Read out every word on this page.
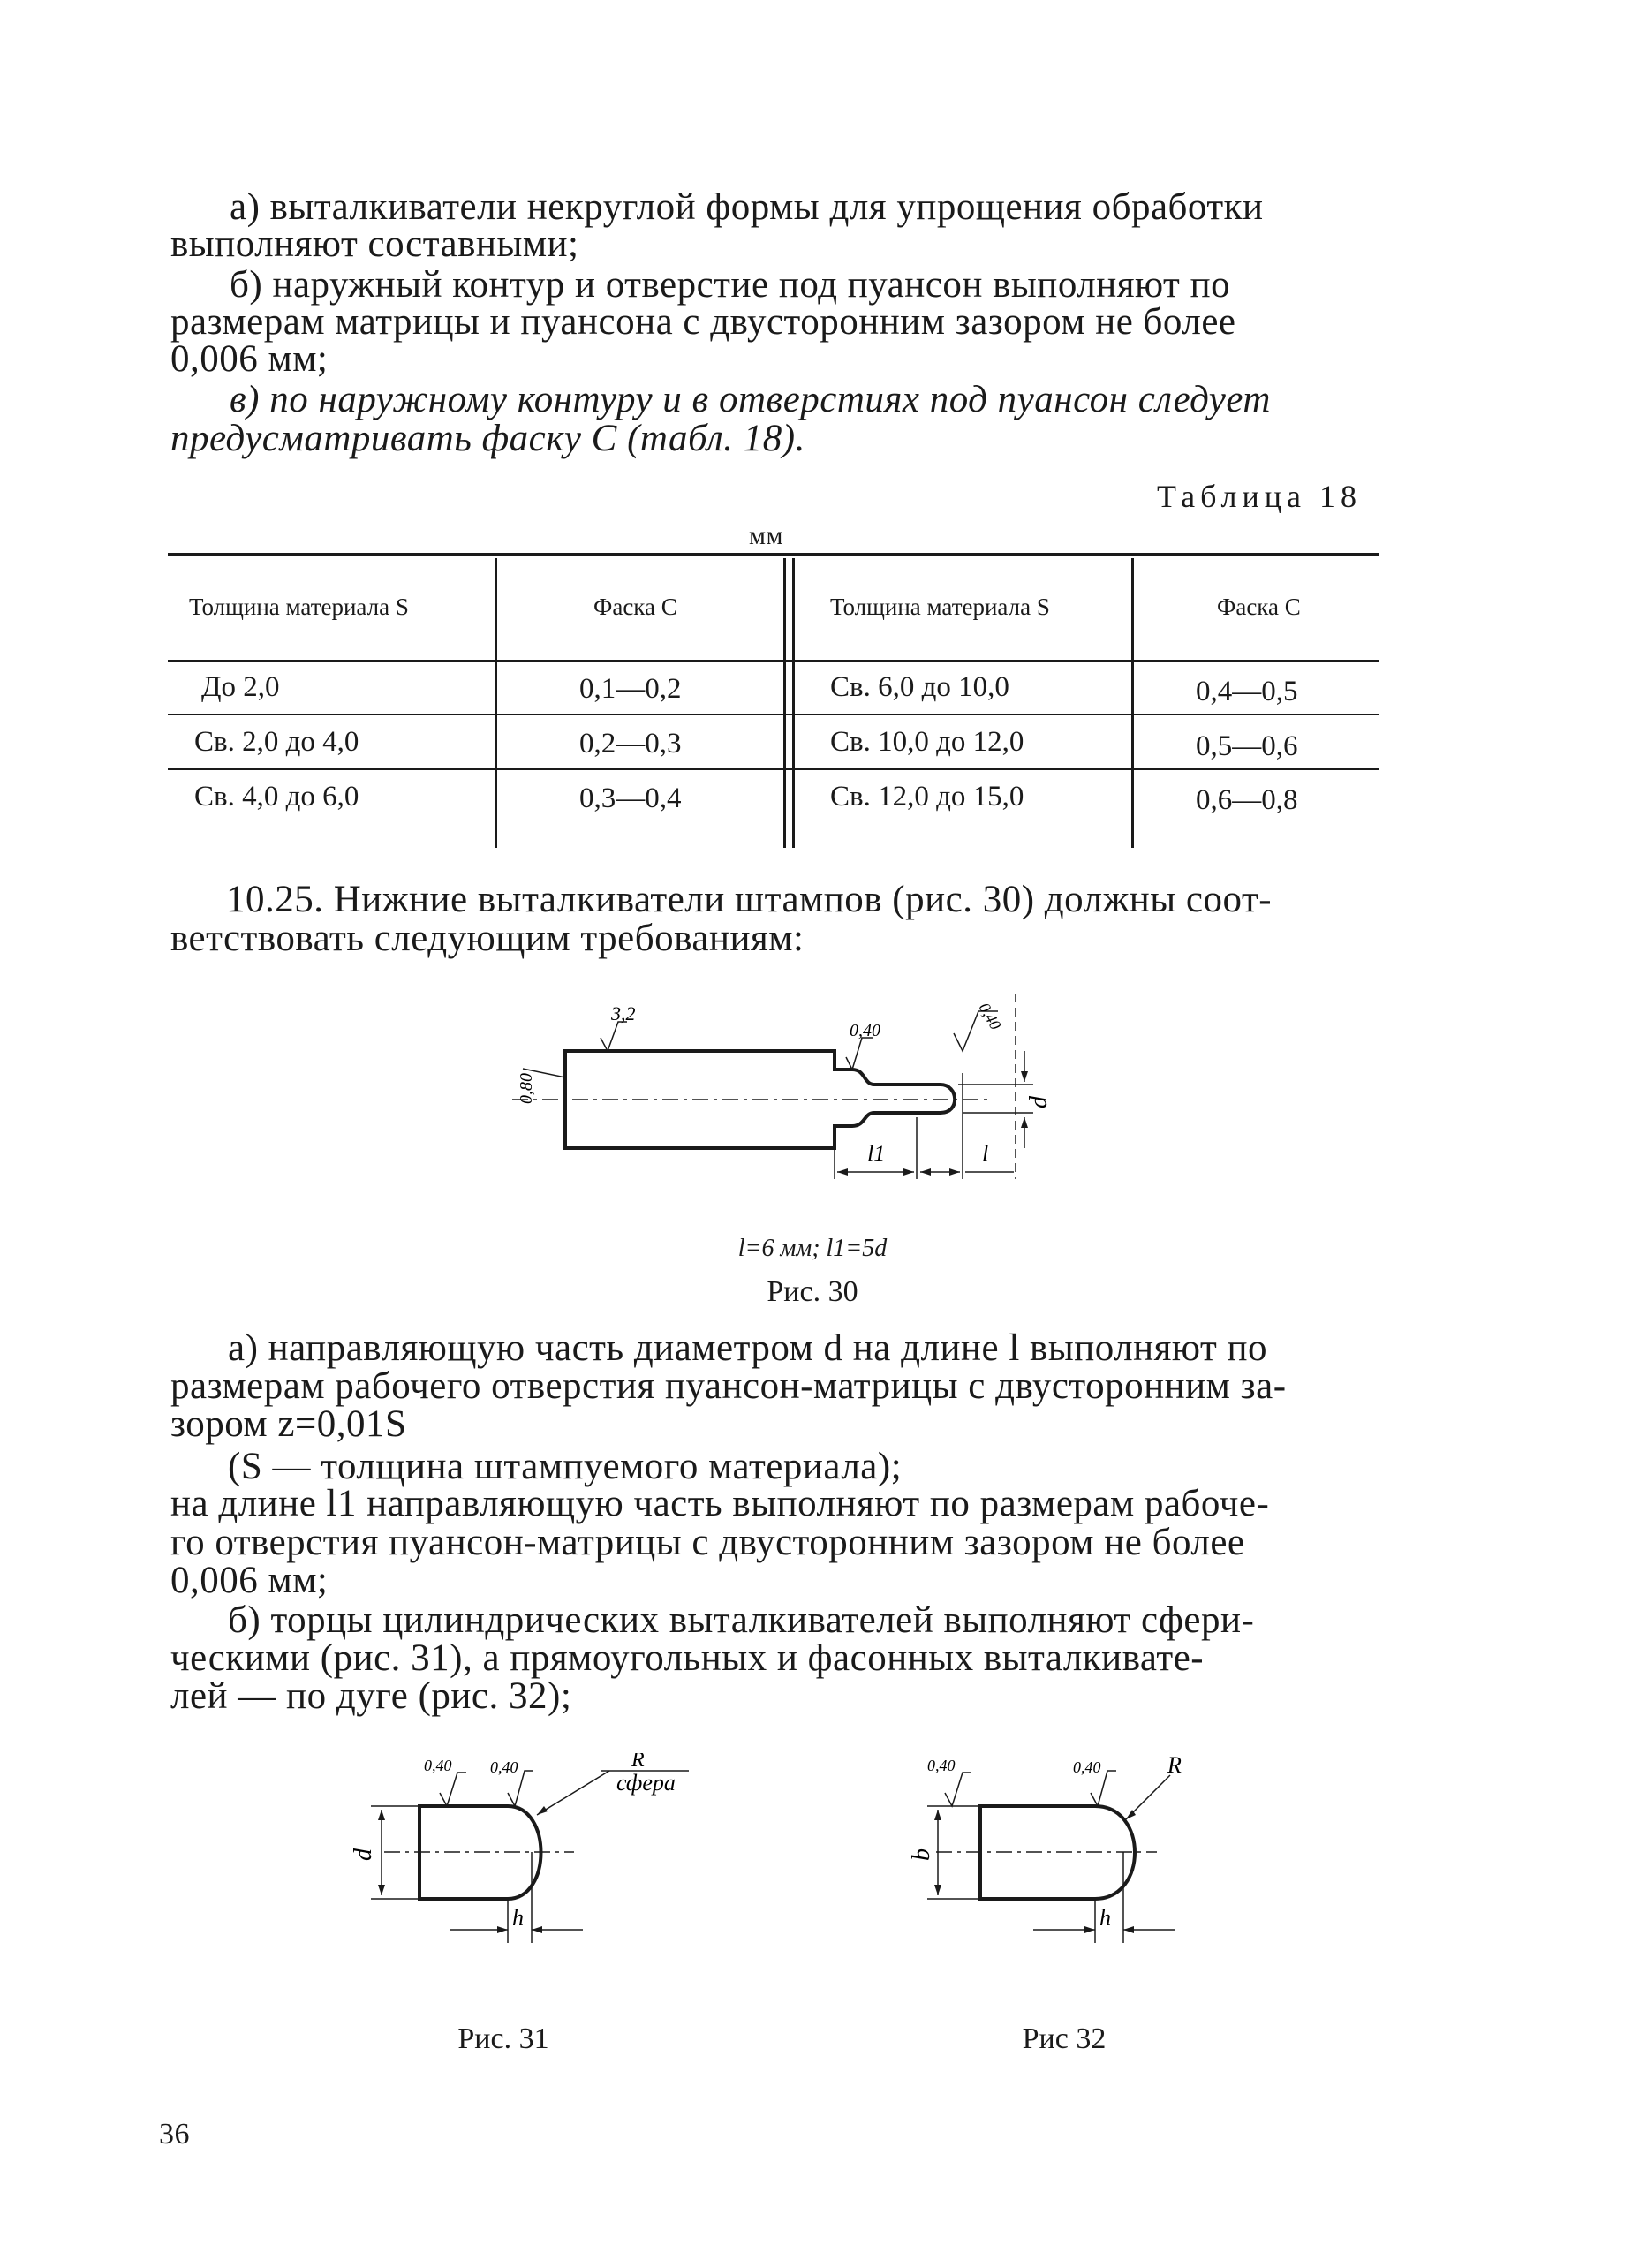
а) выталкиватели некруглой формы для упрощения обработки
выполняют составными;
б) наружный контур и отверстие под пуансон выполняют по
размерам матрицы и пуансона с двусторонним зазором не более
0,006 мм;
в) по наружному контуру и в отверстиях под пуансон следует
предусматривать фаску C (табл. 18).
Таблица 18
мм
Толщина материала S	Фаска C	Толщина материала S	Фаска C
До 2,0	0,1—0,2	Св. 6,0 до 10,0	0,4—0,5
Св. 2,0 до 4,0	0,2—0,3	Св. 10,0 до 12,0	0,5—0,6
Св. 4,0 до 6,0	0,3—0,4	Св. 12,0 до 15,0	0,6—0,8
10.25. Нижние выталкиватели штампов (рис. 30) должны соот-
ветствовать следующим требованиям:
3,2
0,40
0,80
0,40
d
l1	l
l=6 мм; l1=5d
Рис. 30
а) направляющую часть диаметром d на длине l выполняют по
размерам рабочего отверстия пуансон-матрицы с двусторонним за-
зором z=0,01S
(S — толщина штампуемого материала);
на длине l1 направляющую часть выполняют по размерам рабоче-
го отверстия пуансон-матрицы с двусторонним зазором не более
0,006 мм;
б) торцы цилиндрических выталкивателей выполняют сфери-
ческими (рис. 31), а прямоугольных и фасонных выталкивате-
лей — по дуге (рис. 32);
0,40 0,40	R
сфера
d
h
Рис. 31
0,40	0,40	R
b
h
Рис 32
36
